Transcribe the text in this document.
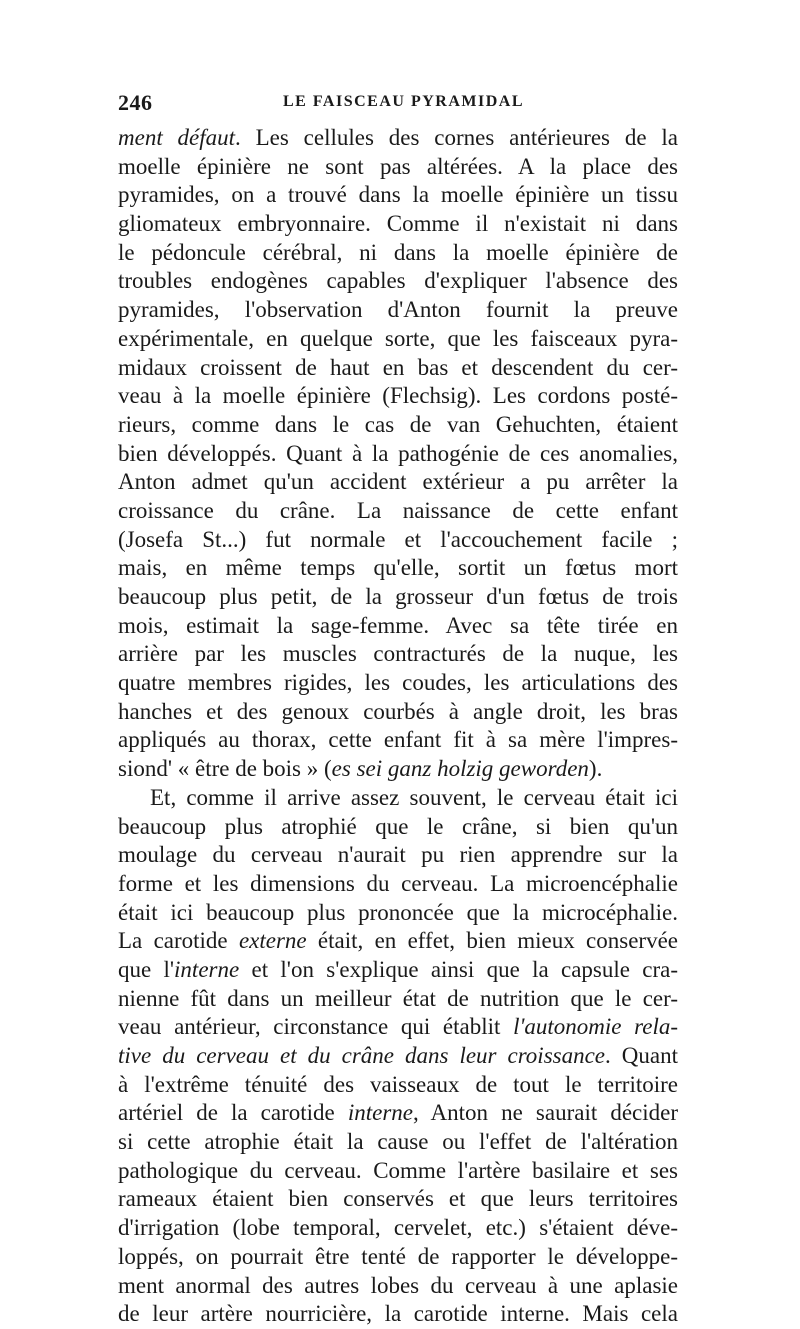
246	LE FAISCEAU PYRAMIDAL
ment défaut. Les cellules des cornes antérieures de la
moelle épinière ne sont pas altérées. A la place des
pyramides, on a trouvé dans la moelle épinière un tissu
gliomateux embryonnaire. Comme il n'existait ni dans
le pédoncule cérébral, ni dans la moelle épinière de
troubles endogènes capables d'expliquer l'absence des
pyramides, l'observation d'Anton fournit la preuve
expérimentale, en quelque sorte, que les faisceaux pyra-
midaux croissent de haut en bas et descendent du cer-
veau à la moelle épinière (Flechsig). Les cordons posté-
rieurs, comme dans le cas de van Gehuchten, étaient
bien développés. Quant à la pathogénie de ces anomalies,
Anton admet qu'un accident extérieur a pu arrêter la
croissance du crâne. La naissance de cette enfant
(Josefa St...) fut normale et l'accouchement facile ;
mais, en même temps qu'elle, sortit un fœtus mort
beaucoup plus petit, de la grosseur d'un fœtus de trois
mois, estimait la sage-femme. Avec sa tête tirée en
arrière par les muscles contracturés de la nuque, les
quatre membres rigides, les coudes, les articulations des
hanches et des genoux courbés à angle droit, les bras
appliqués au thorax, cette enfant fit à sa mère l'impres-
siond' « être de bois » (es sei ganz holzig geworden).
Et, comme il arrive assez souvent, le cerveau était ici
beaucoup plus atrophié que le crâne, si bien qu'un
moulage du cerveau n'aurait pu rien apprendre sur la
forme et les dimensions du cerveau. La microencéphalie
était ici beaucoup plus prononcée que la microcéphalie.
La carotide externe était, en effet, bien mieux conservée
que l'interne et l'on s'explique ainsi que la capsule cra-
nienne fût dans un meilleur état de nutrition que le cer-
veau antérieur, circonstance qui établit l'autonomie rela-
tive du cerveau et du crâne dans leur croissance. Quant
à l'extrême ténuité des vaisseaux de tout le territoire
artériel de la carotide interne, Anton ne saurait décider
si cette atrophie était la cause ou l'effet de l'altération
pathologique du cerveau. Comme l'artère basilaire et ses
rameaux étaient bien conservés et que leurs territoires
d'irrigation (lobe temporal, cervelet, etc.) s'étaient déve-
loppés, on pourrait être tenté de rapporter le développe-
ment anormal des autres lobes du cerveau à une aplasie
de leur artère nourricière, la carotide interne. Mais cela
